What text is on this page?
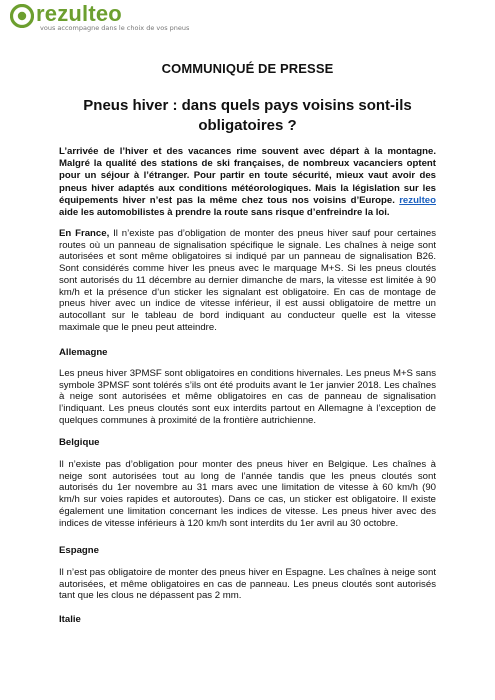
rezulteo
vous accompagne dans le choix de vos pneus
COMMUNIQUÉ DE PRESSE
Pneus hiver : dans quels pays voisins sont-ils obligatoires ?
L’arrivée de l’hiver et des vacances rime souvent avec départ à la montagne. Malgré la qualité des stations de ski françaises, de nombreux vacanciers optent pour un séjour à l’étranger. Pour partir en toute sécurité, mieux vaut avoir des pneus hiver adaptés aux conditions météorologiques. Mais la législation sur les équipements hiver n’est pas la même chez tous nos voisins d’Europe. rezulteo aide les automobilistes à prendre la route sans risque d’enfreindre la loi.
En France, Il n’existe pas d’obligation de monter des pneus hiver sauf pour certaines routes où un panneau de signalisation spécifique le signale. Les chaînes à neige sont autorisées et sont même obligatoires si indiqué par un panneau de signalisation B26. Sont considérés comme hiver les pneus avec le marquage M+S. Si les pneus cloutés sont autorisés du 11 décembre au dernier dimanche de mars, la vitesse est limitée à 90 km/h et la présence d’un sticker les signalant est obligatoire. En cas de montage de pneus hiver avec un indice de vitesse inférieur, il est aussi obligatoire de mettre un autocollant sur le tableau de bord indiquant au conducteur quelle est la vitesse maximale que le pneu peut atteindre.
Allemagne
Les pneus hiver 3PMSF sont obligatoires en conditions hivernales. Les pneus M+S sans symbole 3PMSF sont tolérés s’ils ont été produits avant le 1er janvier 2018. Les chaînes à neige sont autorisées et même obligatoires en cas de panneau de signalisation l’indiquant. Les pneus cloutés sont eux interdits partout en Allemagne à l’exception de quelques communes à proximité de la frontière autrichienne.
Belgique
Il n’existe pas d’obligation pour monter des pneus hiver en Belgique. Les chaînes à neige sont autorisées tout au long de l’année tandis que les pneus cloutés sont autorisés du 1er novembre au 31 mars avec une limitation de vitesse à 60 km/h (90 km/h sur voies rapides et autoroutes). Dans ce cas, un sticker est obligatoire. Il existe également une limitation concernant les indices de vitesse. Les pneus hiver avec des indices de vitesse inférieurs à 120 km/h sont interdits du 1er avril au 30 octobre.
Espagne
Il n’est pas obligatoire de monter des pneus hiver en Espagne. Les chaînes à neige sont autorisées, et même obligatoires en cas de panneau. Les pneus cloutés sont autorisés tant que les clous ne dépassent pas 2 mm.
Italie
